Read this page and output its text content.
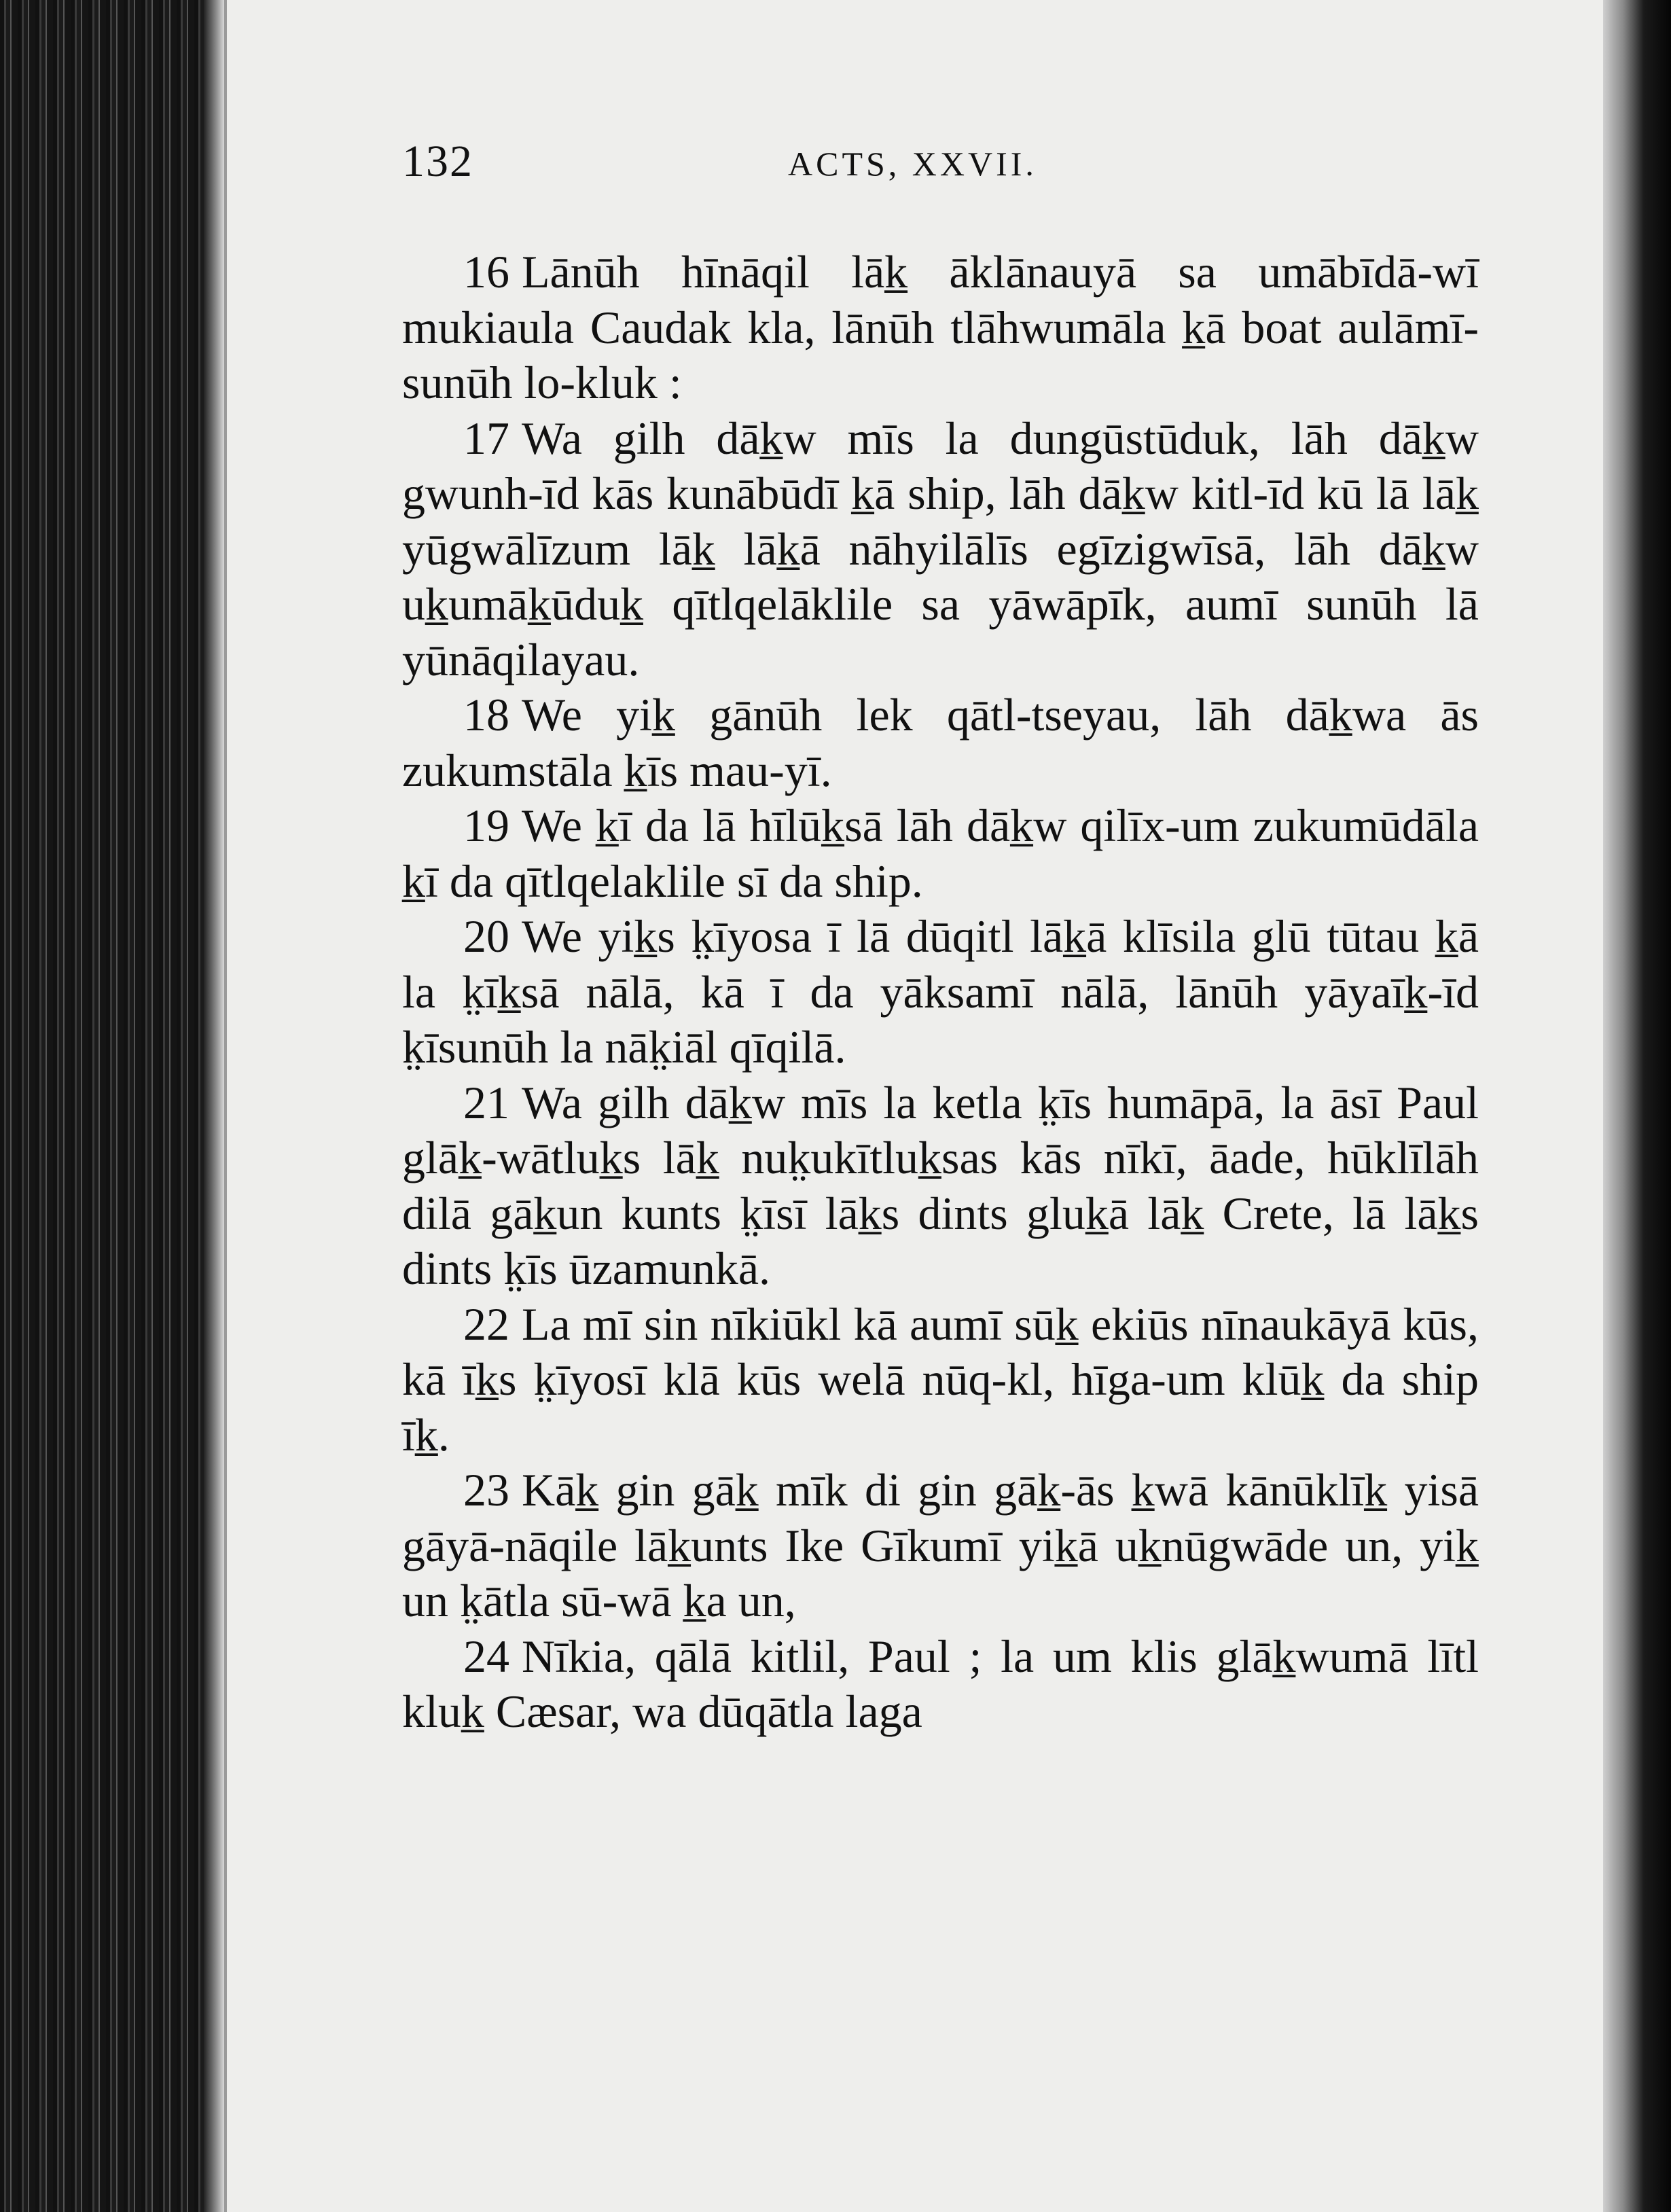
132	ACTS, XXVII.

16 Lānūh hīnāqil lāk̲ āklānauyā sa umābīdā-wī mukiaula Caudak kla, lānūh tlāhwumāla k̲ā boat aulāmī-sunūh lo-kluk :

17 Wa gilh dāk̲w mīs la dungūstūduk, lāh dāk̲w gwunh-īd kās kunābūdī k̲ā ship, lāh dāk̲w kitl-īd kū lā lāk̲ yūgwālīzum lāk̲ lāk̲ā nāhyilālīs egīzigwīsā, lāh dāk̲w uk̲umāk̲ūduk̲ qītlqelāklile sa yāwāpīk, aumī sunūh lā yūnāqilayau.

18 We yik̲ gānūh lek qātl-tseyau, lāh dāk̲wa ās zukumstāla k̲īs mau-yī.

19 We k̲ī da lā hīlūk̲sā lāh dāk̲w qilīx-um zukumūdāla k̲ī da qītlqelaklile sī da ship.

20 We yik̲s k̤īyosa ī lā dūqitl lāk̲ā klīsila glū tūtau k̲ā la k̤īk̲sā nālā, kā ī da yāksamī nālā, lānūh yāyaīk̲-īd k̤īsunūh la nāk̤iāl qīqilā.

21 Wa gilh dāk̲w mīs la ketla k̤īs humāpā, la āsī Paul glāk̲-wātluk̲s lāk̲ nuk̤ukītluk̲sas kās nīkī, āade, hūklīlāh dilā gāk̲un kunts k̤īsī lāk̲s dints gluk̲ā lāk̲ Crete, lā lāk̲s dints k̤īs ūzamunkā.

22 La mī sin nīkiūkl kā aumī sūk̲ ekiūs nīnaukāyā kūs, kā īk̲s k̤īyosī klā kūs welā nūq-kl, hīga-um klūk̲ da ship īk̲.

23 Kāk̲ gin gāk̲ mīk di gin gāk̲-ās k̲wā kānūklīk̲ yisā gāyā-nāqile lāk̲unts Ike Gīkumī yik̲ā uk̲nūgwāde un, yik̲ un k̤ātla sū-wā k̲a un,

24 Nīkia, qālā kitlil, Paul ; la um klis glāk̲wumā lītl kluk̲ Cæsar, wa dūqātla laga
